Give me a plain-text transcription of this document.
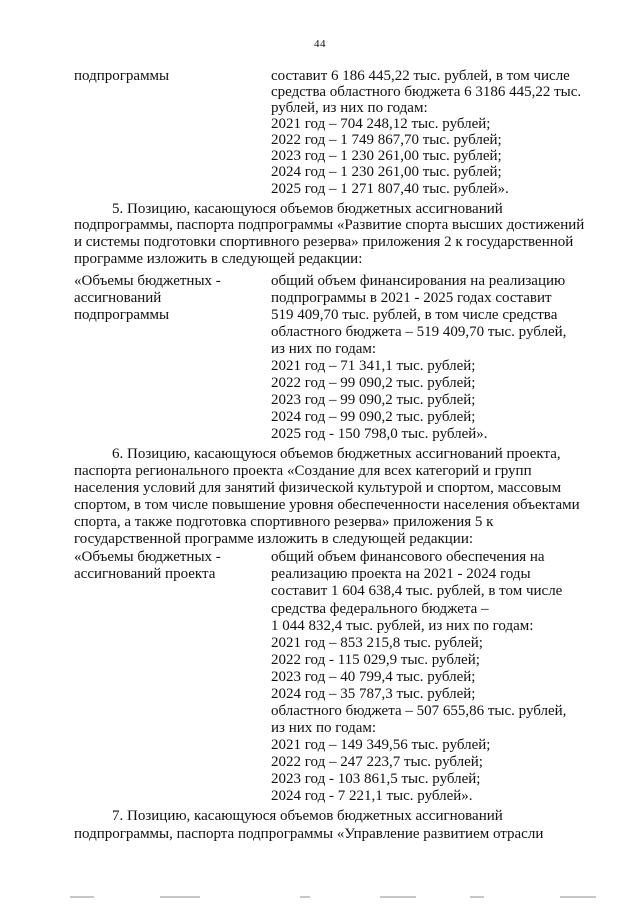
44
подпрограммы	составит 6 186 445,22 тыс. рублей, в том числе
средства областного бюджета 6 3186 445,22 тыс.
рублей, из них по годам:
2021 год – 704 248,12 тыс. рублей;
2022 год – 1 749 867,70 тыс. рублей;
2023 год – 1 230 261,00 тыс. рублей;
2024 год – 1 230 261,00 тыс. рублей;
2025 год – 1 271 807,40 тыс. рублей».
5. Позицию, касающуюся объемов бюджетных ассигнований
подпрограммы, паспорта подпрограммы «Развитие спорта высших достижений
и системы подготовки спортивного резерва» приложения 2 к государственной
программе изложить в следующей редакции:
«Объемы бюджетных -
ассигнований
подпрограммы
общий объем финансирования на реализацию
подпрограммы в 2021 - 2025 годах составит
519 409,70 тыс. рублей, в том числе средства
областного бюджета – 519 409,70 тыс. рублей,
из них по годам:
2021 год – 71 341,1 тыс. рублей;
2022 год – 99 090,2 тыс. рублей;
2023 год – 99 090,2 тыс. рублей;
2024 год – 99 090,2 тыс. рублей;
2025 год - 150 798,0 тыс. рублей».
6. Позицию, касающуюся объемов бюджетных ассигнований проекта,
паспорта регионального проекта «Создание для всех категорий и групп
населения условий для занятий физической культурой и спортом, массовым
спортом, в том числе повышение уровня обеспеченности населения объектами
спорта, а также подготовка спортивного резерва» приложения 5 к
государственной программе изложить в следующей редакции:
«Объемы бюджетных -
ассигнований проекта
общий объем финансового обеспечения на
реализацию проекта на 2021 - 2024 годы
составит 1 604 638,4 тыс. рублей, в том числе
средства федерального бюджета –
1 044 832,4 тыс. рублей, из них по годам:
2021 год – 853 215,8 тыс. рублей;
2022 год - 115 029,9 тыс. рублей;
2023 год – 40 799,4 тыс. рублей;
2024 год – 35 787,3 тыс. рублей;
областного бюджета – 507 655,86 тыс. рублей,
из них по годам:
2021 год – 149 349,56 тыс. рублей;
2022 год – 247 223,7 тыс. рублей;
2023 год - 103 861,5 тыс. рублей;
2024 год - 7 221,1 тыс. рублей».
7. Позицию, касающуюся объемов бюджетных ассигнований
подпрограммы, паспорта подпрограммы «Управление развитием отрасли
